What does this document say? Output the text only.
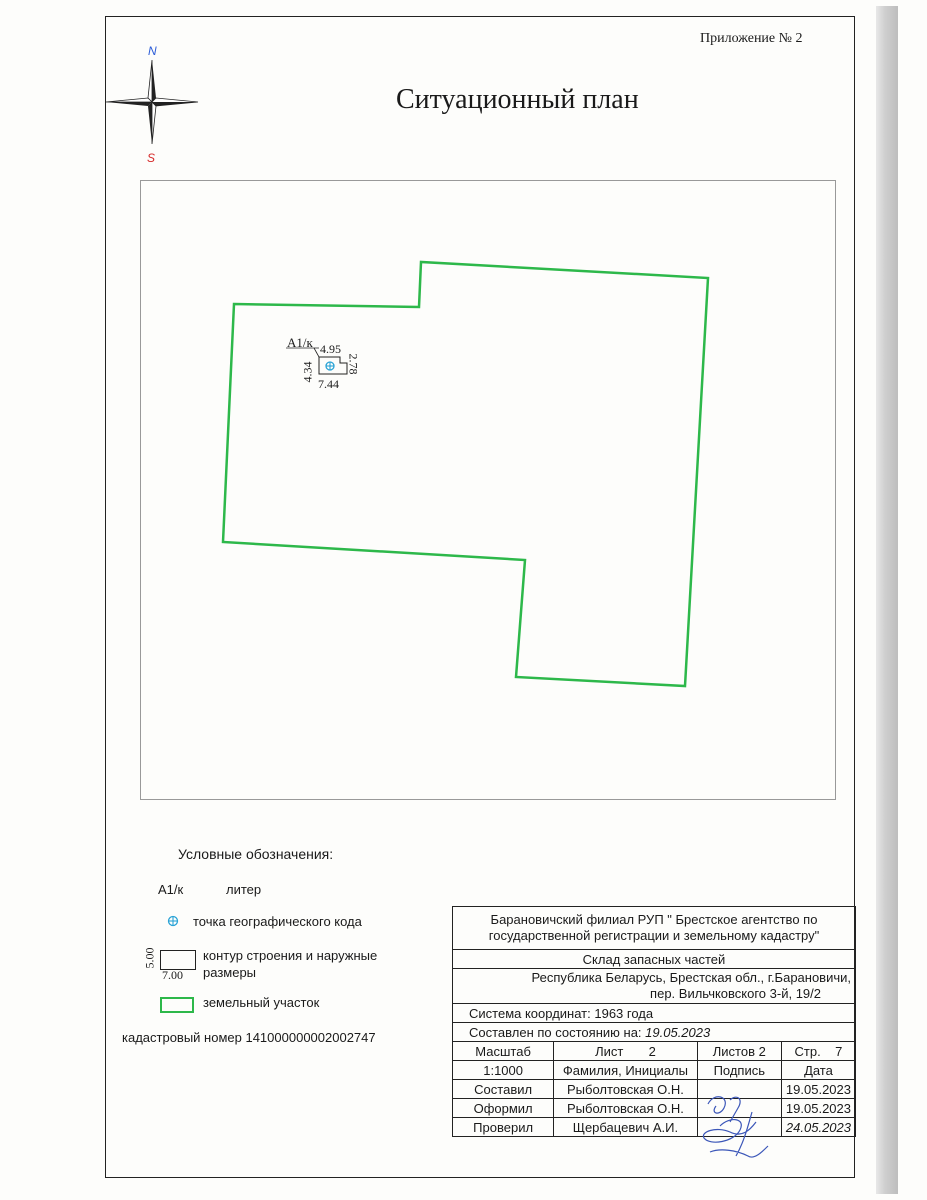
Приложение № 2
Ситуационный план
N
S
А1/к 4.95
4.34	2.78
7.44
Условные обозначения:
А1/к	литер
точка географического кода
5.00
7.00
контур строения и наружные
размеры
земельный участок
кадастровый номер 141000000002002747
Барановичский филиал РУП " Брестское агентство по
государственной регистрации и земельному кадастру"			

Склад запасных частей			

Республика Беларусь, Брестская обл., г.Барановичи,
пер. Вильчковского 3-й, 19/2			

Система координат: 1963 года			
Составлен по состоянию на: 19.05.2023			
Масштаб	Лист 2	Листов 2	Стр. 7
1:1000	Фамилия, Инициалы	Подпись	Дата
Составил	Рыболтовская О.Н.		19.05.2023
Оформил	Рыболтовская О.Н.		19.05.2023
Проверил	Щербацевич А.И.		24.05.2023
